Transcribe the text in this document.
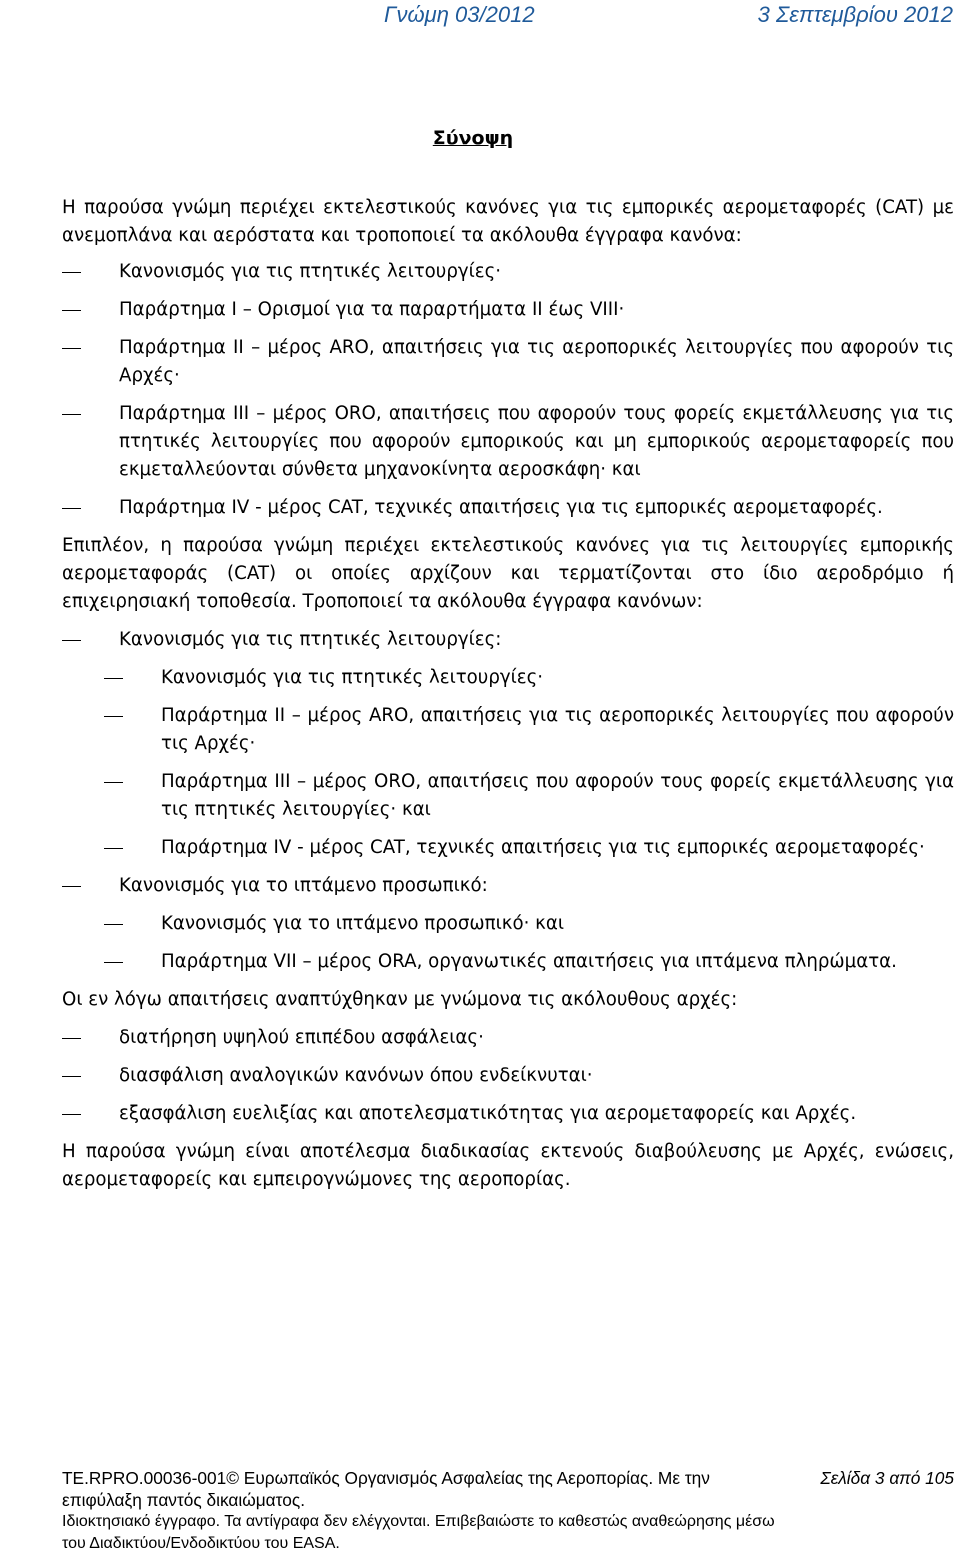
Γνώμη 03/2012	3 Σεπτεμβρίου 2012
Σύνοψη

Η παρούσα γνώμη περιέχει εκτελεστικούς κανόνες για τις εμπορικές αερομεταφορές (CAT) με ανεμοπλάνα και αερόστατα και τροποποιεί τα ακόλουθα έγγραφα κανόνα:

Κανονισμός για τις πτητικές λειτουργίες·
Παράρτημα I – Ορισμοί για τα παραρτήματα II έως VIII·
Παράρτημα II – μέρος ARO, απαιτήσεις για τις αεροπορικές λειτουργίες που αφορούν τις Αρχές·
Παράρτημα III – μέρος ORO, απαιτήσεις που αφορούν τους φορείς εκμετάλλευσης για τις πτητικές λειτουργίες που αφορούν εμπορικούς και μη εμπορικούς αερομεταφορείς που εκμεταλλεύονται σύνθετα μηχανοκίνητα αεροσκάφη· και
Παράρτημα IV - μέρος CAT, τεχνικές απαιτήσεις για τις εμπορικές αερομεταφορές.

Επιπλέον, η παρούσα γνώμη περιέχει εκτελεστικούς κανόνες για τις λειτουργίες εμπορικής αερομεταφοράς (CAT) οι οποίες αρχίζουν και τερματίζονται στο ίδιο αεροδρόμιο ή επιχειρησιακή τοποθεσία. Τροποποιεί τα ακόλουθα έγγραφα κανόνων:

Κανονισμός για τις πτητικές λειτουργίες:
Κανονισμός για τις πτητικές λειτουργίες·
Παράρτημα II – μέρος ARO, απαιτήσεις για τις αεροπορικές λειτουργίες που αφορούν τις Αρχές·
Παράρτημα III – μέρος ORO, απαιτήσεις που αφορούν τους φορείς εκμετάλλευσης για τις πτητικές λειτουργίες· και
Παράρτημα IV - μέρος CAT, τεχνικές απαιτήσεις για τις εμπορικές αερομεταφορές·
Κανονισμός για το ιπτάμενο προσωπικό:
Κανονισμός για το ιπτάμενο προσωπικό· και
Παράρτημα VII – μέρος ORA, οργανωτικές απαιτήσεις για ιπτάμενα πληρώματα.

Οι εν λόγω απαιτήσεις αναπτύχθηκαν με γνώμονα τις ακόλουθους αρχές:

διατήρηση υψηλού επιπέδου ασφάλειας·
διασφάλιση αναλογικών κανόνων όπου ενδείκνυται·
εξασφάλιση ευελιξίας και αποτελεσματικότητας για αερομεταφορείς και Αρχές.

Η παρούσα γνώμη είναι αποτέλεσμα διαδικασίας εκτενούς διαβούλευσης με Αρχές, ενώσεις, αερομεταφορείς και εμπειρογνώμονες της αεροπορίας.

TE.RPRO.00036-001© Ευρωπαϊκός Οργανισμός Ασφαλείας της Αεροπορίας. Με την επιφύλαξη παντός δικαιώματος.
Σελίδα 3 από 105
Ιδιοκτησιακό έγγραφο. Τα αντίγραφα δεν ελέγχονται. Επιβεβαιώστε το καθεστώς αναθεώρησης μέσω του Διαδικτύου/Ενδοδικτύου του EASA.
